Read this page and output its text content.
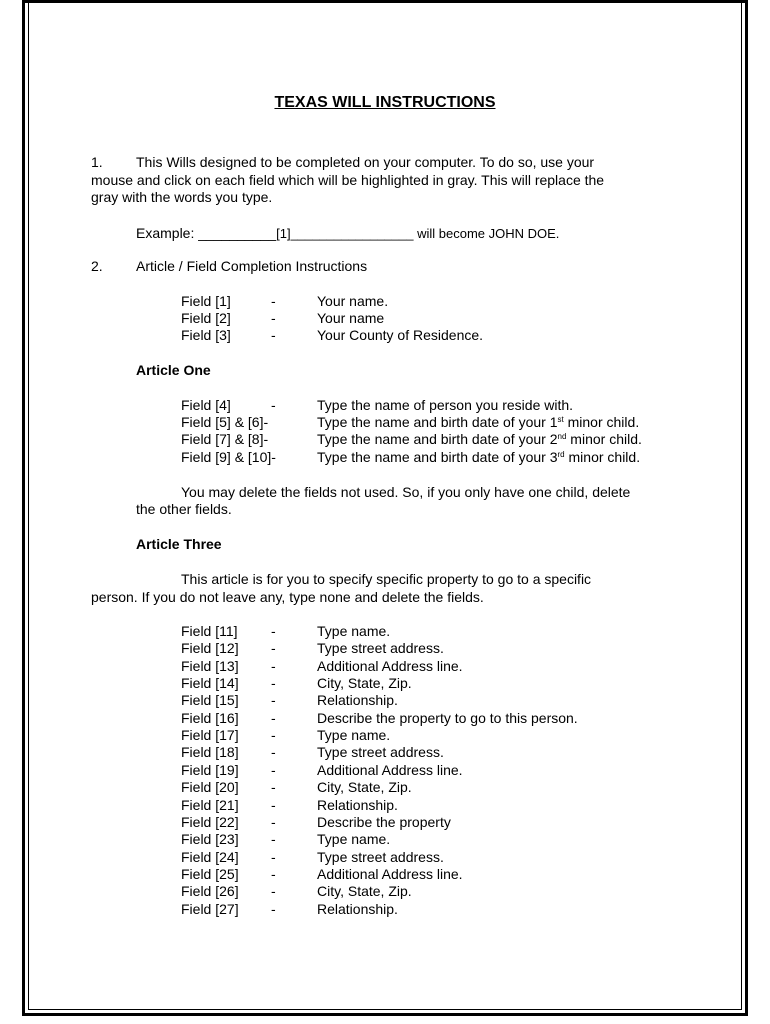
TEXAS WILL INSTRUCTIONS
1. This Wills designed to be completed on your computer. To do so, use your
mouse and click on each field which will be highlighted in gray. This will replace the
gray with the words you type.
Example: __________[1]_________________ will become JOHN DOE.
2. Article / Field Completion Instructions
Field [1]	-	Your name.
Field [2]	-	Your name
Field [3]	-	Your County of Residence.
Article One
Field [4]	-	Type the name of person you reside with.
Field [5] & [6]-	Type the name and birth date of your 1st minor child.
Field [7] & [8]-	Type the name and birth date of your 2nd minor child.
Field [9] & [10]-	Type the name and birth date of your 3rd minor child.
You may delete the fields not used. So, if you only have one child, delete
the other fields.
Article Three
This article is for you to specify specific property to go to a specific
person. If you do not leave any, type none and delete the fields.
Field [11] -	Type name.
Field [12] -	Type street address.
Field [13] -	Additional Address line.
Field [14] -	City, State, Zip.
Field [15] -	Relationship.
Field [16] -	Describe the property to go to this person.
Field [17] -	Type name.
Field [18] -	Type street address.
Field [19] -	Additional Address line.
Field [20] -	City, State, Zip.
Field [21] -	Relationship.
Field [22] -	Describe the property
Field [23] -	Type name.
Field [24] -	Type street address.
Field [25] -	Additional Address line.
Field [26] -	City, State, Zip.
Field [27] -	Relationship.
